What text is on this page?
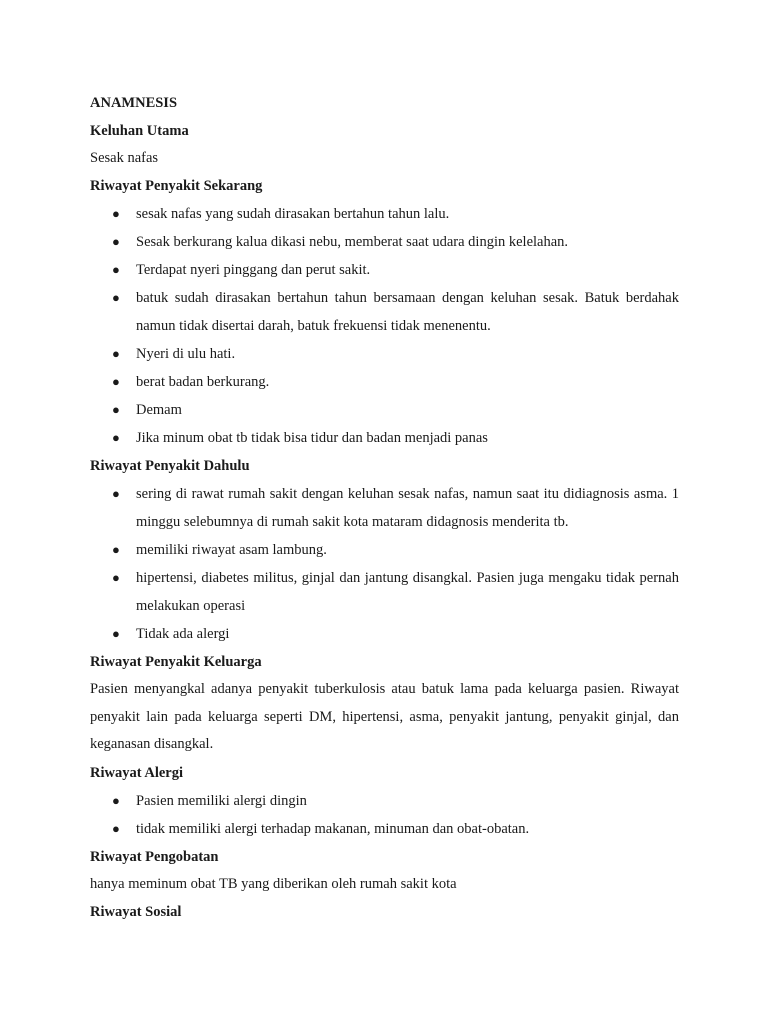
ANAMNESIS

Keluhan Utama

Sesak nafas

Riwayat Penyakit Sekarang

● sesak nafas yang sudah dirasakan bertahun tahun lalu.
● Sesak berkurang kalua dikasi nebu, memberat saat udara dingin kelelahan.
● Terdapat nyeri pinggang dan perut sakit.
● batuk sudah dirasakan bertahun tahun bersamaan dengan keluhan sesak. Batuk berdahak namun tidak disertai darah, batuk frekuensi tidak menenentu.
● Nyeri di ulu hati.
● berat badan berkurang.
● Demam
● Jika minum obat tb tidak bisa tidur dan badan menjadi panas

Riwayat Penyakit Dahulu

● sering di rawat rumah sakit dengan keluhan sesak nafas, namun saat itu didiagnosis asma. 1 minggu selebumnya di rumah sakit kota mataram didagnosis menderita tb.
● memiliki riwayat asam lambung.
● hipertensi, diabetes militus, ginjal dan jantung disangkal. Pasien juga mengaku tidak pernah melakukan operasi
● Tidak ada alergi

Riwayat Penyakit Keluarga

Pasien menyangkal adanya penyakit tuberkulosis atau batuk lama pada keluarga pasien. Riwayat penyakit lain pada keluarga seperti DM, hipertensi, asma, penyakit jantung, penyakit ginjal, dan keganasan disangkal.

Riwayat Alergi

● Pasien memiliki alergi dingin
● tidak memiliki alergi terhadap makanan, minuman dan obat-obatan.

Riwayat Pengobatan

hanya meminum obat TB yang diberikan oleh rumah sakit kota

Riwayat Sosial
